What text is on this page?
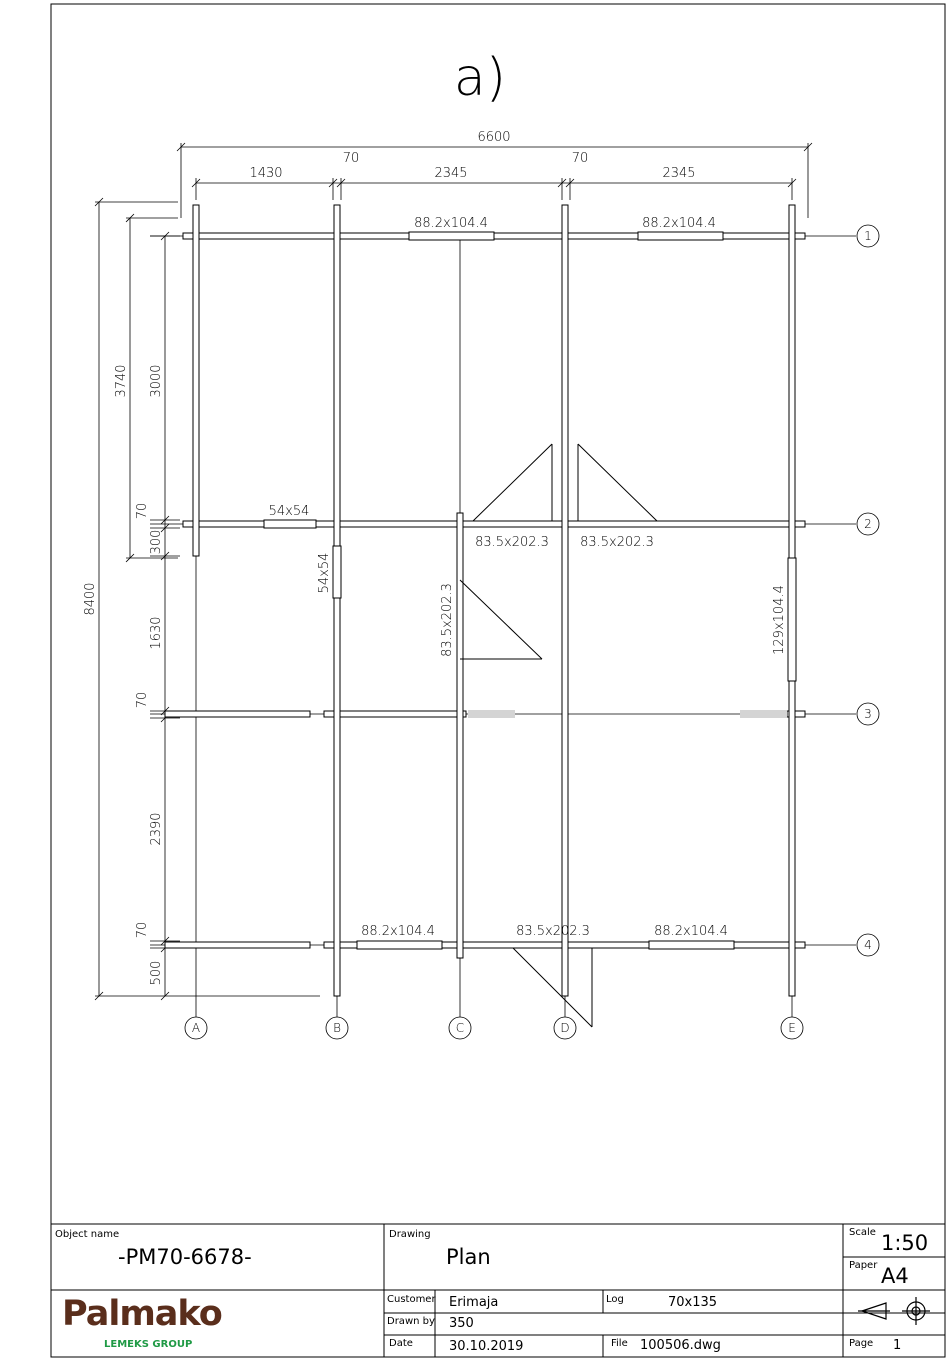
a)
6600
1430
70
2345
70
2345
8400
3740 3000
70
300
1630
70
2390
70
500
88.2x104.4	88.2x104.4
54x54
83.5x202.3 83.5x202.3
54x54
83.5x202.3	129x104.4
88.2x104.4	83.5x202.3	88.2x104.4
1
2
3
4
A	B	C	D	E
Object name
-PM70-6678-
Drawing
Plan
Scale 1:50
Paper A4
Palmako
LEMEKS GROUP
Customer Erimaja	Log	70x135
Drawn by 350
Date	30.10.2019	File 100506.dwg	Page 1
